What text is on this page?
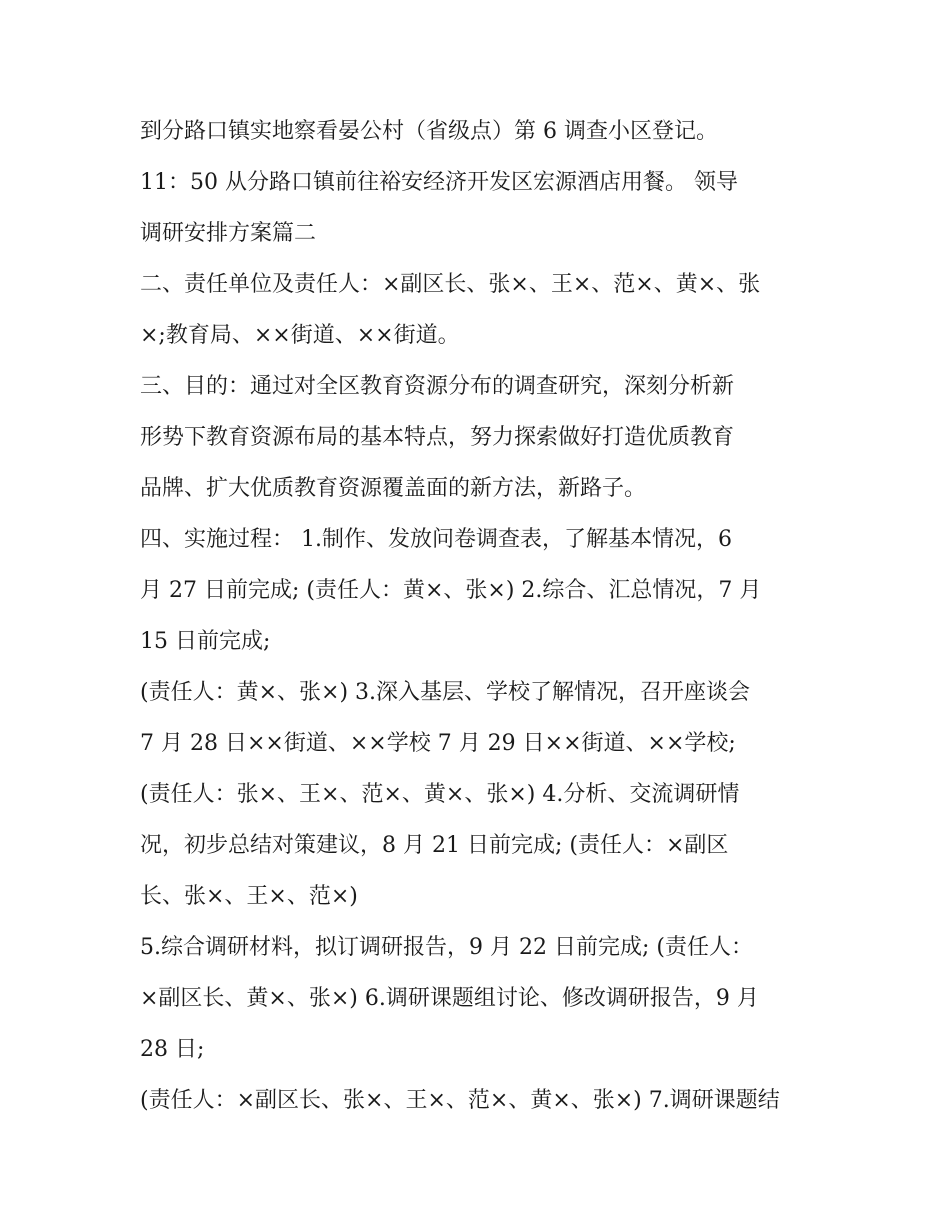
到分路口镇实地察看晏公村（省级点）第 6 调查小区登记。
11：50 从分路口镇前往裕安经济开发区宏源酒店用餐。 领导
调研安排方案篇二
二、责任单位及责任人：×副区长、张×、王×、范×、黄×、张
×;教育局、××街道、××街道。
三、目的：通过对全区教育资源分布的调查研究，深刻分析新
形势下教育资源布局的基本特点，努力探索做好打造优质教育
品牌、扩大优质教育资源覆盖面的新方法，新路子。
四、实施过程： 1.制作、发放问卷调查表，了解基本情况，6
月 27 日前完成; (责任人：黄×、张×) 2.综合、汇总情况，7 月
15 日前完成;
(责任人：黄×、张×) 3.深入基层、学校了解情况，召开座谈会
7 月 28 日××街道、××学校 7 月 29 日××街道、××学校;
(责任人：张×、王×、范×、黄×、张×) 4.分析、交流调研情
况，初步总结对策建议，8 月 21 日前完成; (责任人：×副区
长、张×、王×、范×)
5.综合调研材料，拟订调研报告，9 月 22 日前完成; (责任人：
×副区长、黄×、张×) 6.调研课题组讨论、修改调研报告，9 月
28 日;
(责任人：×副区长、张×、王×、范×、黄×、张×) 7.调研课题结
